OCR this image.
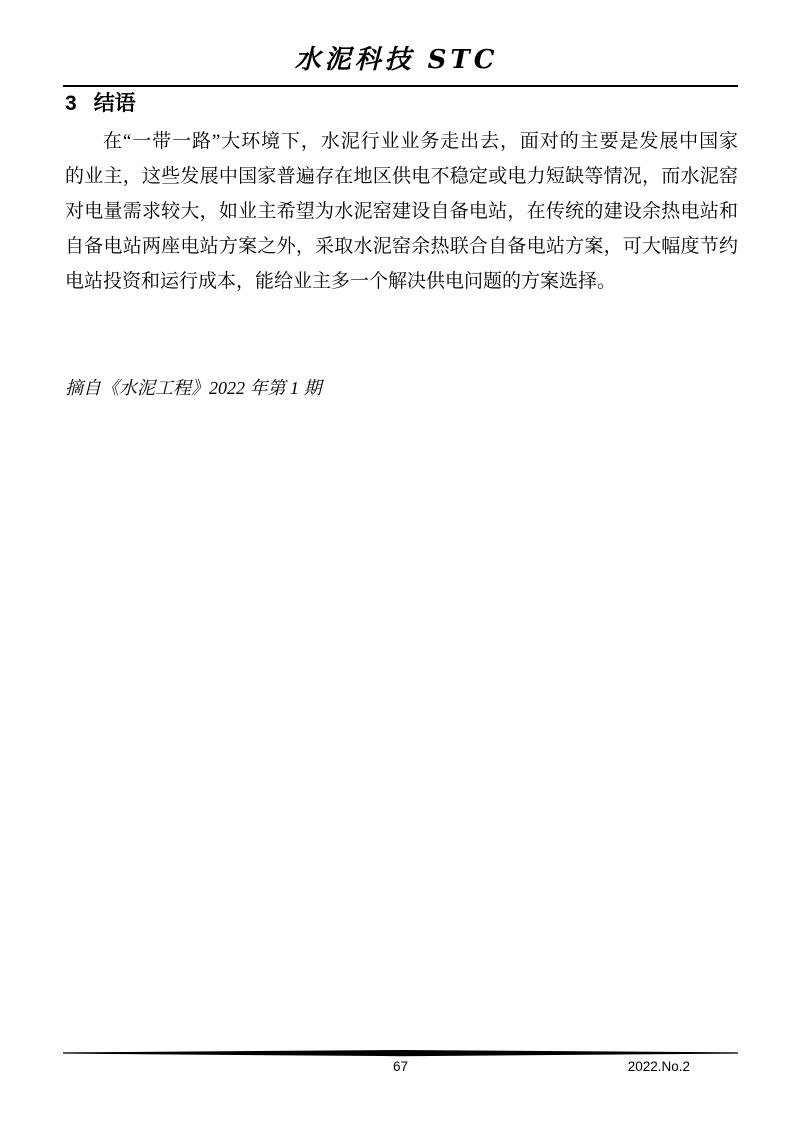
水泥科技 STC
3 结语
在“一带一路”大环境下，水泥行业业务走出去，面对的主要是发展中国家
的业主，这些发展中国家普遍存在地区供电不稳定或电力短缺等情况，而水泥窑
对电量需求较大，如业主希望为水泥窑建设自备电站，在传统的建设余热电站和
自备电站两座电站方案之外，采取水泥窑余热联合自备电站方案，可大幅度节约
电站投资和运行成本，能给业主多一个解决供电问题的方案选择。
摘自《水泥工程》2022 年第 1 期
67	2022.No.2
